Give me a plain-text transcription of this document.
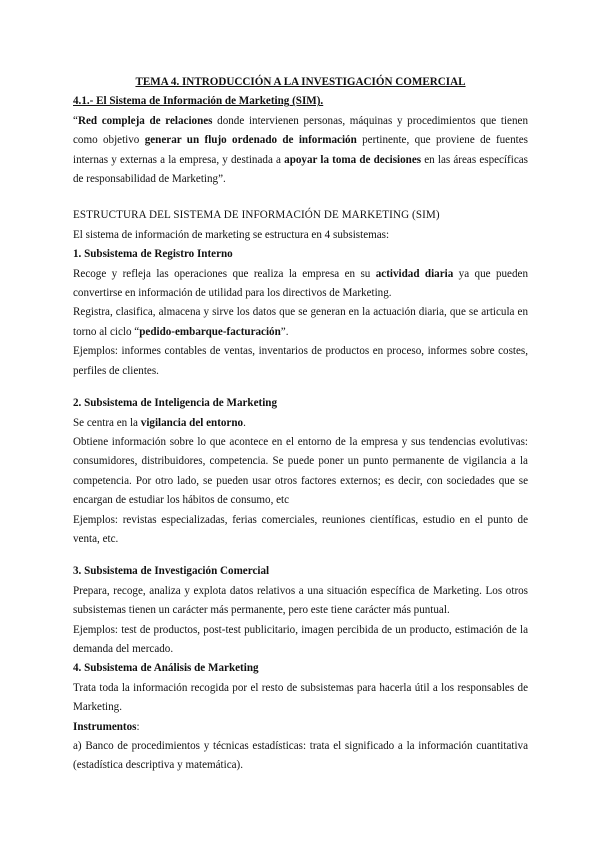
TEMA 4. INTRODUCCIÓN A LA INVESTIGACIÓN COMERCIAL

4.1.- El Sistema de Información de Marketing (SIM).

“Red compleja de relaciones donde intervienen personas, máquinas y procedimientos que tienen como objetivo generar un flujo ordenado de información pertinente, que proviene de fuentes internas y externas a la empresa, y destinada a apoyar la toma de decisiones en las áreas específicas de responsabilidad de Marketing”.

ESTRUCTURA DEL SISTEMA DE INFORMACIÓN DE MARKETING (SIM)

El sistema de información de marketing se estructura en 4 subsistemas:

1. Subsistema de Registro Interno

Recoge y refleja las operaciones que realiza la empresa en su actividad diaria ya que pueden convertirse en información de utilidad para los directivos de Marketing.

Registra, clasifica, almacena y sirve los datos que se generan en la actuación diaria, que se articula en torno al ciclo “pedido-embarque-facturación”.

Ejemplos: informes contables de ventas, inventarios de productos en proceso, informes sobre costes, perfiles de clientes.

2. Subsistema de Inteligencia de Marketing

Se centra en la vigilancia del entorno.

Obtiene información sobre lo que acontece en el entorno de la empresa y sus tendencias evolutivas: consumidores, distribuidores, competencia. Se puede poner un punto permanente de vigilancia a la competencia. Por otro lado, se pueden usar otros factores externos; es decir, con sociedades que se encargan de estudiar los hábitos de consumo, etc

Ejemplos: revistas especializadas, ferias comerciales, reuniones científicas, estudio en el punto de venta, etc.

3. Subsistema de Investigación Comercial

Prepara, recoge, analiza y explota datos relativos a una situación específica de Marketing. Los otros subsistemas tienen un carácter más permanente, pero este tiene carácter más puntual.

Ejemplos: test de productos, post-test publicitario, imagen percibida de un producto, estimación de la demanda del mercado.

4. Subsistema de Análisis de Marketing

Trata toda la información recogida por el resto de subsistemas para hacerla útil a los responsables de Marketing.

Instrumentos:

a) Banco de procedimientos y técnicas estadísticas: trata el significado a la información cuantitativa (estadística descriptiva y matemática).
